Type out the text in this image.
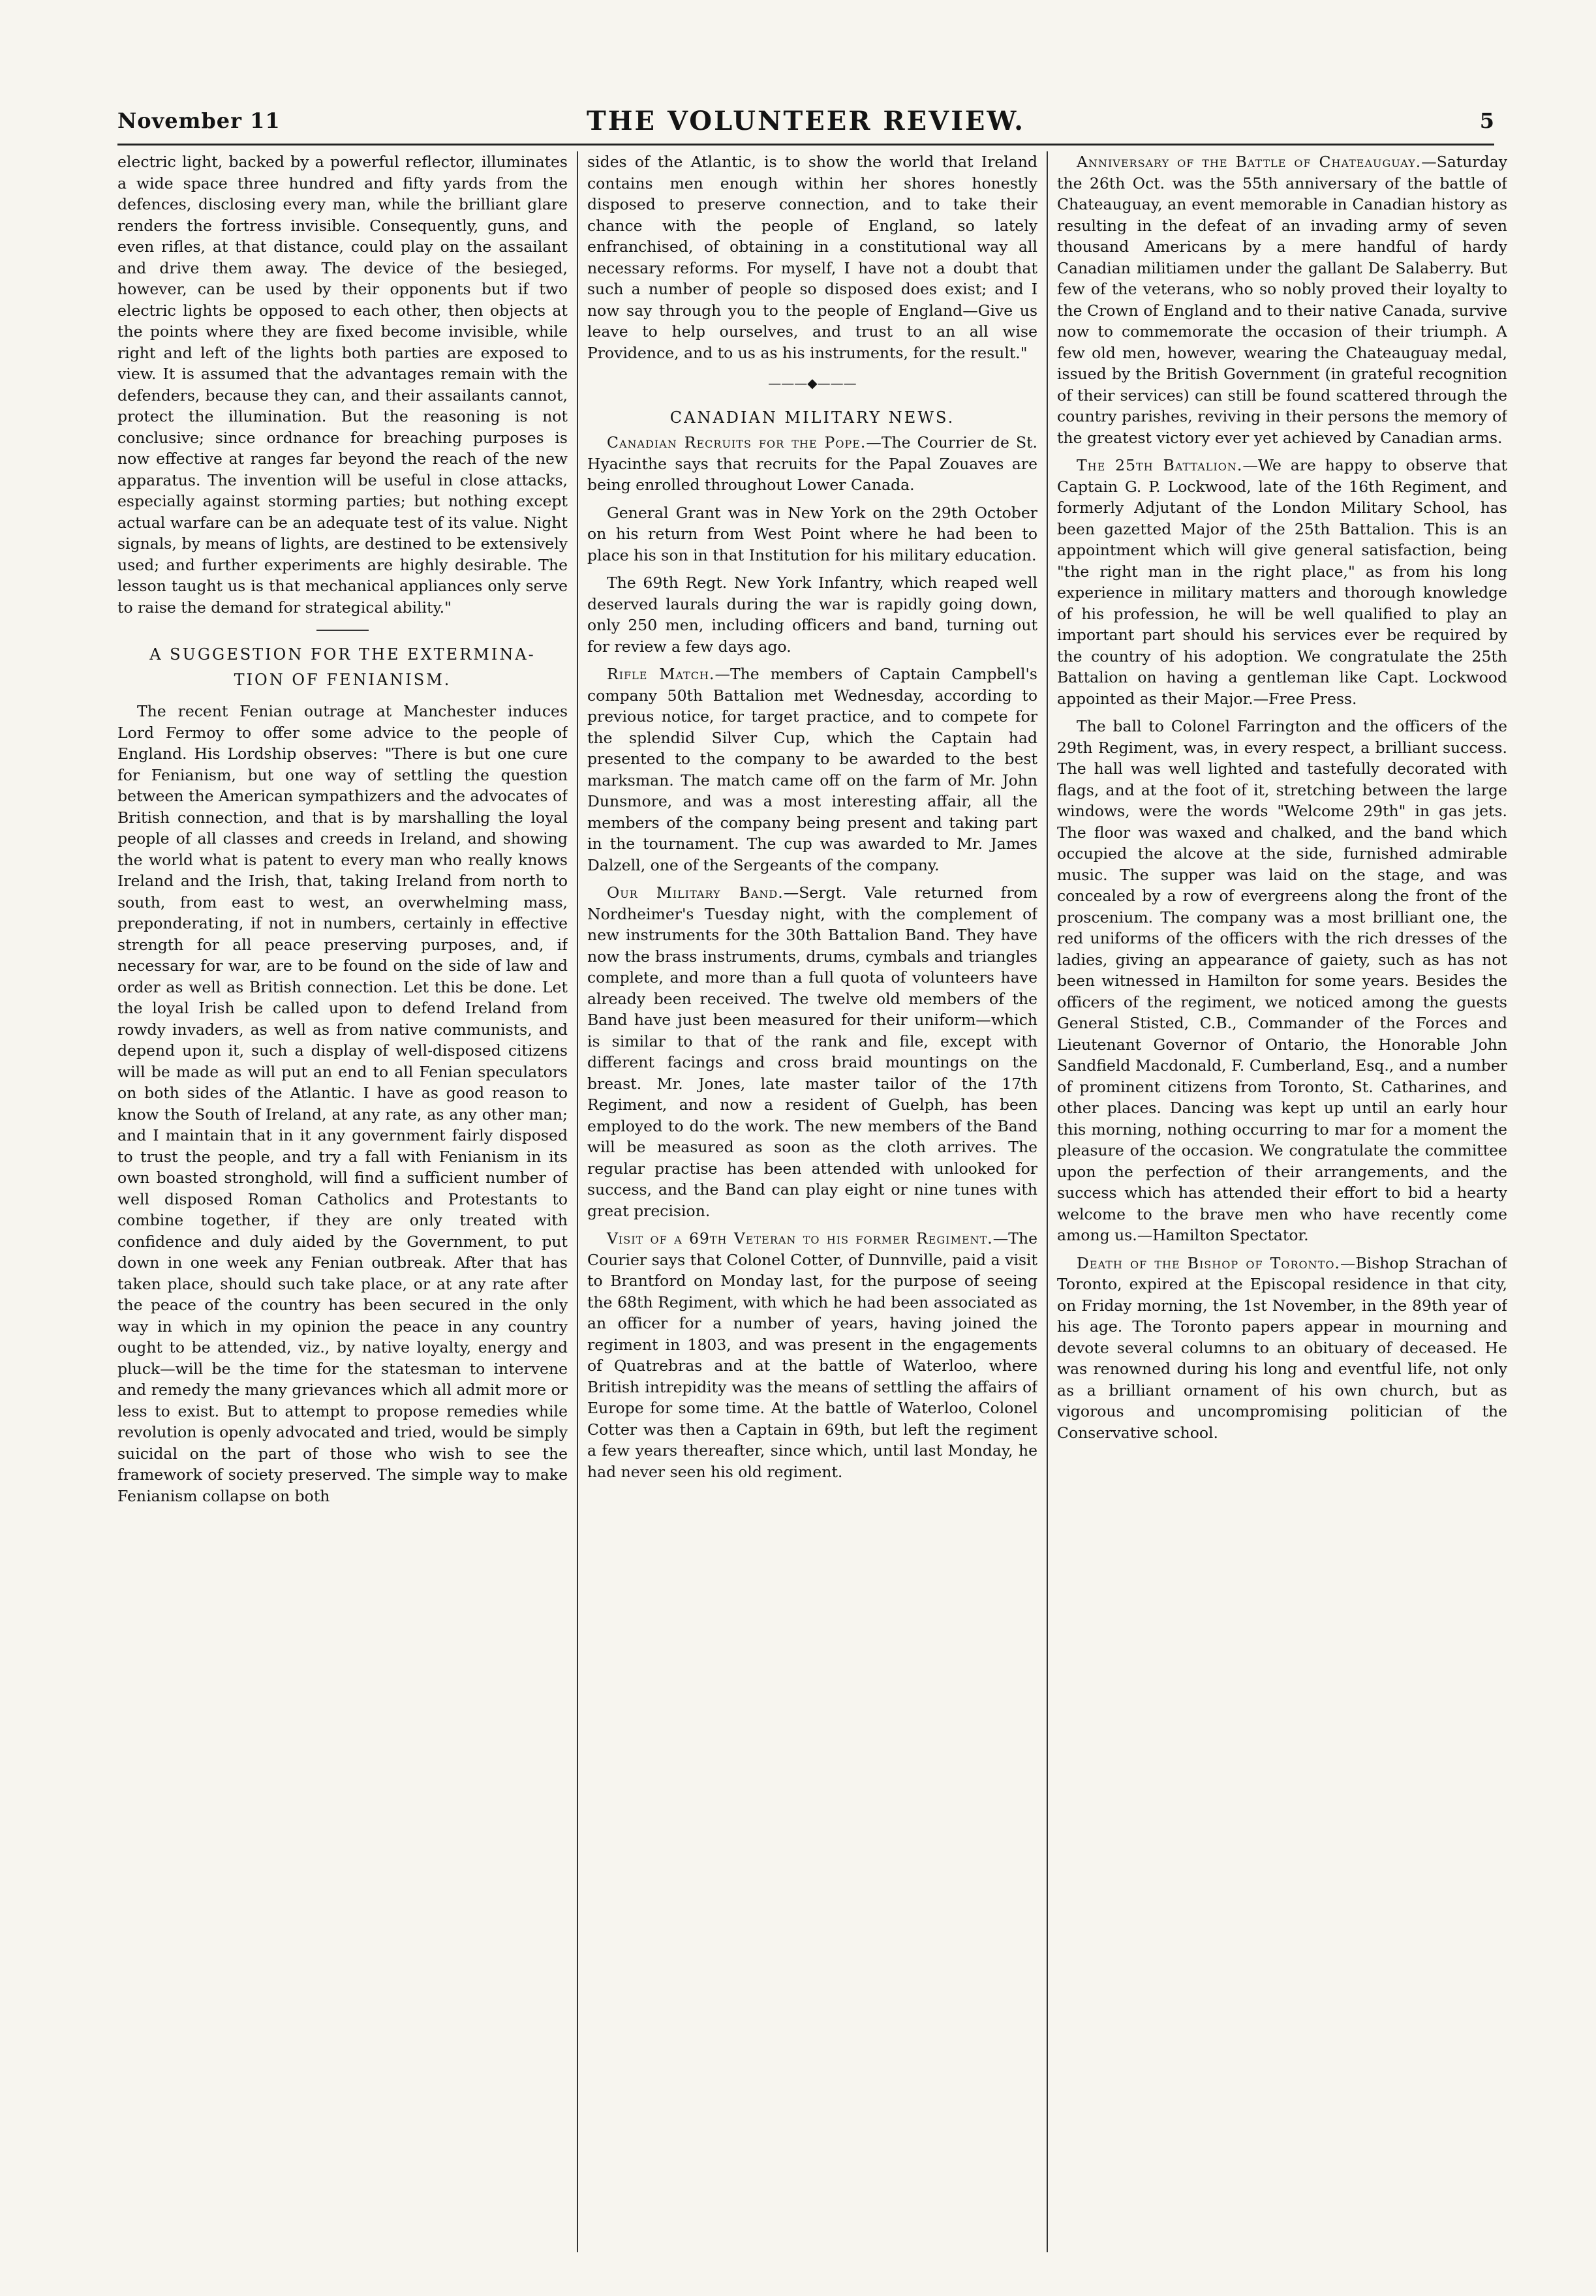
November 11	THE VOLUNTEER REVIEW.	5

electric light, backed by a powerful reflector, illuminates a wide space three hundred and fifty yards from the defences, disclosing every man, while the brilliant glare renders the fortress invisible. Consequently, guns, and even rifles, at that distance, could play on the assailant and drive them away. The device of the besieged, however, can be used by their opponents but if two electric lights be opposed to each other, then objects at the points where they are fixed become invisible, while right and left of the lights both parties are exposed to view. It is assumed that the advantages remain with the defenders, because they can, and their assailants cannot, protect the illumination. But the reasoning is not conclusive; since ordnance for breaching purposes is now effective at ranges far beyond the reach of the new apparatus. The invention will be useful in close attacks, especially against storming parties; but nothing except actual warfare can be an adequate test of its value. Night signals, by means of lights, are destined to be extensively used; and further experiments are highly desirable. The lesson taught us is that mechanical appliances only serve to raise the demand for strategical ability."

A SUGGESTION FOR THE EXTERMINA-
TION OF FENIANISM.

The recent Fenian outrage at Manchester induces Lord Fermoy to offer some advice to the people of England. His Lordship observes: "There is but one cure for Fenianism, but one way of settling the question between the American sympathizers and the advocates of British connection, and that is by marshalling the loyal people of all classes and creeds in Ireland, and showing the world what is patent to every man who really knows Ireland and the Irish, that, taking Ireland from north to south, from east to west, an overwhelming mass, preponderating, if not in numbers, certainly in effective strength for all peace preserving purposes, and, if necessary for war, are to be found on the side of law and order as well as British connection. Let this be done. Let the loyal Irish be called upon to defend Ireland from rowdy invaders, as well as from native communists, and depend upon it, such a display of well-disposed citizens will be made as will put an end to all Fenian speculators on both sides of the Atlantic. I have as good reason to know the South of Ireland, at any rate, as any other man; and I maintain that in it any government fairly disposed to trust the people, and try a fall with Fenianism in its own boasted stronghold, will find a sufficient number of well disposed Roman Catholics and Protestants to combine together, if they are only treated with confidence and duly aided by the Government, to put down in one week any Fenian outbreak. After that has taken place, should such take place, or at any rate after the peace of the country has been secured in the only way in which in my opinion the peace in any country ought to be attended, viz., by native loyalty, energy and pluck—will be the time for the statesman to intervene and remedy the many grievances which all admit more or less to exist. But to attempt to propose remedies while revolution is openly advocated and tried, would be simply suicidal on the part of those who wish to see the framework of society preserved. The simple way to make Fenianism collapse on both

sides of the Atlantic, is to show the world that Ireland contains men enough within her shores honestly disposed to preserve connection, and to take their chance with the people of England, so lately enfranchised, of obtaining in a constitutional way all necessary reforms. For myself, I have not a doubt that such a number of people so disposed does exist; and I now say through you to the people of England—Give us leave to help ourselves, and trust to an all wise Providence, and to us as his instruments, for the result."

———◆———
CANADIAN MILITARY NEWS.

Canadian Recruits for the Pope.—The Courrier de St. Hyacinthe says that recruits for the Papal Zouaves are being enrolled throughout Lower Canada.

General Grant was in New York on the 29th October on his return from West Point where he had been to place his son in that Institution for his military education.

The 69th Regt. New York Infantry, which reaped well deserved laurals during the war is rapidly going down, only 250 men, including officers and band, turning out for review a few days ago.

Rifle Match.—The members of Captain Campbell's company 50th Battalion met Wednesday, according to previous notice, for target practice, and to compete for the splendid Silver Cup, which the Captain had presented to the company to be awarded to the best marksman. The match came off on the farm of Mr. John Dunsmore, and was a most interesting affair, all the members of the company being present and taking part in the tournament. The cup was awarded to Mr. James Dalzell, one of the Sergeants of the company.

Our Military Band.—Sergt. Vale returned from Nordheimer's Tuesday night, with the complement of new instruments for the 30th Battalion Band. They have now the brass instruments, drums, cymbals and triangles complete, and more than a full quota of volunteers have already been received. The twelve old members of the Band have just been measured for their uniform—which is similar to that of the rank and file, except with different facings and cross braid mountings on the breast. Mr. Jones, late master tailor of the 17th Regiment, and now a resident of Guelph, has been employed to do the work. The new members of the Band will be measured as soon as the cloth arrives. The regular practise has been attended with unlooked for success, and the Band can play eight or nine tunes with great precision.

Visit of a 69th Veteran to his former Regiment.—The Courier says that Colonel Cotter, of Dunnville, paid a visit to Brantford on Monday last, for the purpose of seeing the 68th Regiment, with which he had been associated as an officer for a number of years, having joined the regiment in 1803, and was present in the engagements of Quatrebras and at the battle of Waterloo, where British intrepidity was the means of settling the affairs of Europe for some time. At the battle of Waterloo, Colonel Cotter was then a Captain in 69th, but left the regiment a few years thereafter, since which, until last Monday, he had never seen his old regiment.

Anniversary of the Battle of Chateauguay.—Saturday the 26th Oct. was the 55th anniversary of the battle of Chateauguay, an event memorable in Canadian history as resulting in the defeat of an invading army of seven thousand Americans by a mere handful of hardy Canadian militiamen under the gallant De Salaberry. But few of the veterans, who so nobly proved their loyalty to the Crown of England and to their native Canada, survive now to commemorate the occasion of their triumph. A few old men, however, wearing the Chateauguay medal, issued by the British Government (in grateful recognition of their services) can still be found scattered through the country parishes, reviving in their persons the memory of the greatest victory ever yet achieved by Canadian arms.

The 25th Battalion.—We are happy to observe that Captain G. P. Lockwood, late of the 16th Regiment, and formerly Adjutant of the London Military School, has been gazetted Major of the 25th Battalion. This is an appointment which will give general satisfaction, being "the right man in the right place," as from his long experience in military matters and thorough knowledge of his profession, he will be well qualified to play an important part should his services ever be required by the country of his adoption. We congratulate the 25th Battalion on having a gentleman like Capt. Lockwood appointed as their Major.—Free Press.

The ball to Colonel Farrington and the officers of the 29th Regiment, was, in every respect, a brilliant success. The hall was well lighted and tastefully decorated with flags, and at the foot of it, stretching between the large windows, were the words "Welcome 29th" in gas jets. The floor was waxed and chalked, and the band which occupied the alcove at the side, furnished admirable music. The supper was laid on the stage, and was concealed by a row of evergreens along the front of the proscenium. The company was a most brilliant one, the red uniforms of the officers with the rich dresses of the ladies, giving an appearance of gaiety, such as has not been witnessed in Hamilton for some years. Besides the officers of the regiment, we noticed among the guests General Stisted, C.B., Commander of the Forces and Lieutenant Governor of Ontario, the Honorable John Sandfield Macdonald, F. Cumberland, Esq., and a number of prominent citizens from Toronto, St. Catharines, and other places. Dancing was kept up until an early hour this morning, nothing occurring to mar for a moment the pleasure of the occasion. We congratulate the committee upon the perfection of their arrangements, and the success which has attended their effort to bid a hearty welcome to the brave men who have recently come among us.—Hamilton Spectator.

Death of the Bishop of Toronto.—Bishop Strachan of Toronto, expired at the Episcopal residence in that city, on Friday morning, the 1st November, in the 89th year of his age. The Toronto papers appear in mourning and devote several columns to an obituary of deceased. He was renowned during his long and eventful life, not only as a brilliant ornament of his own church, but as vigorous and uncompromising politician of the Conservative school.
